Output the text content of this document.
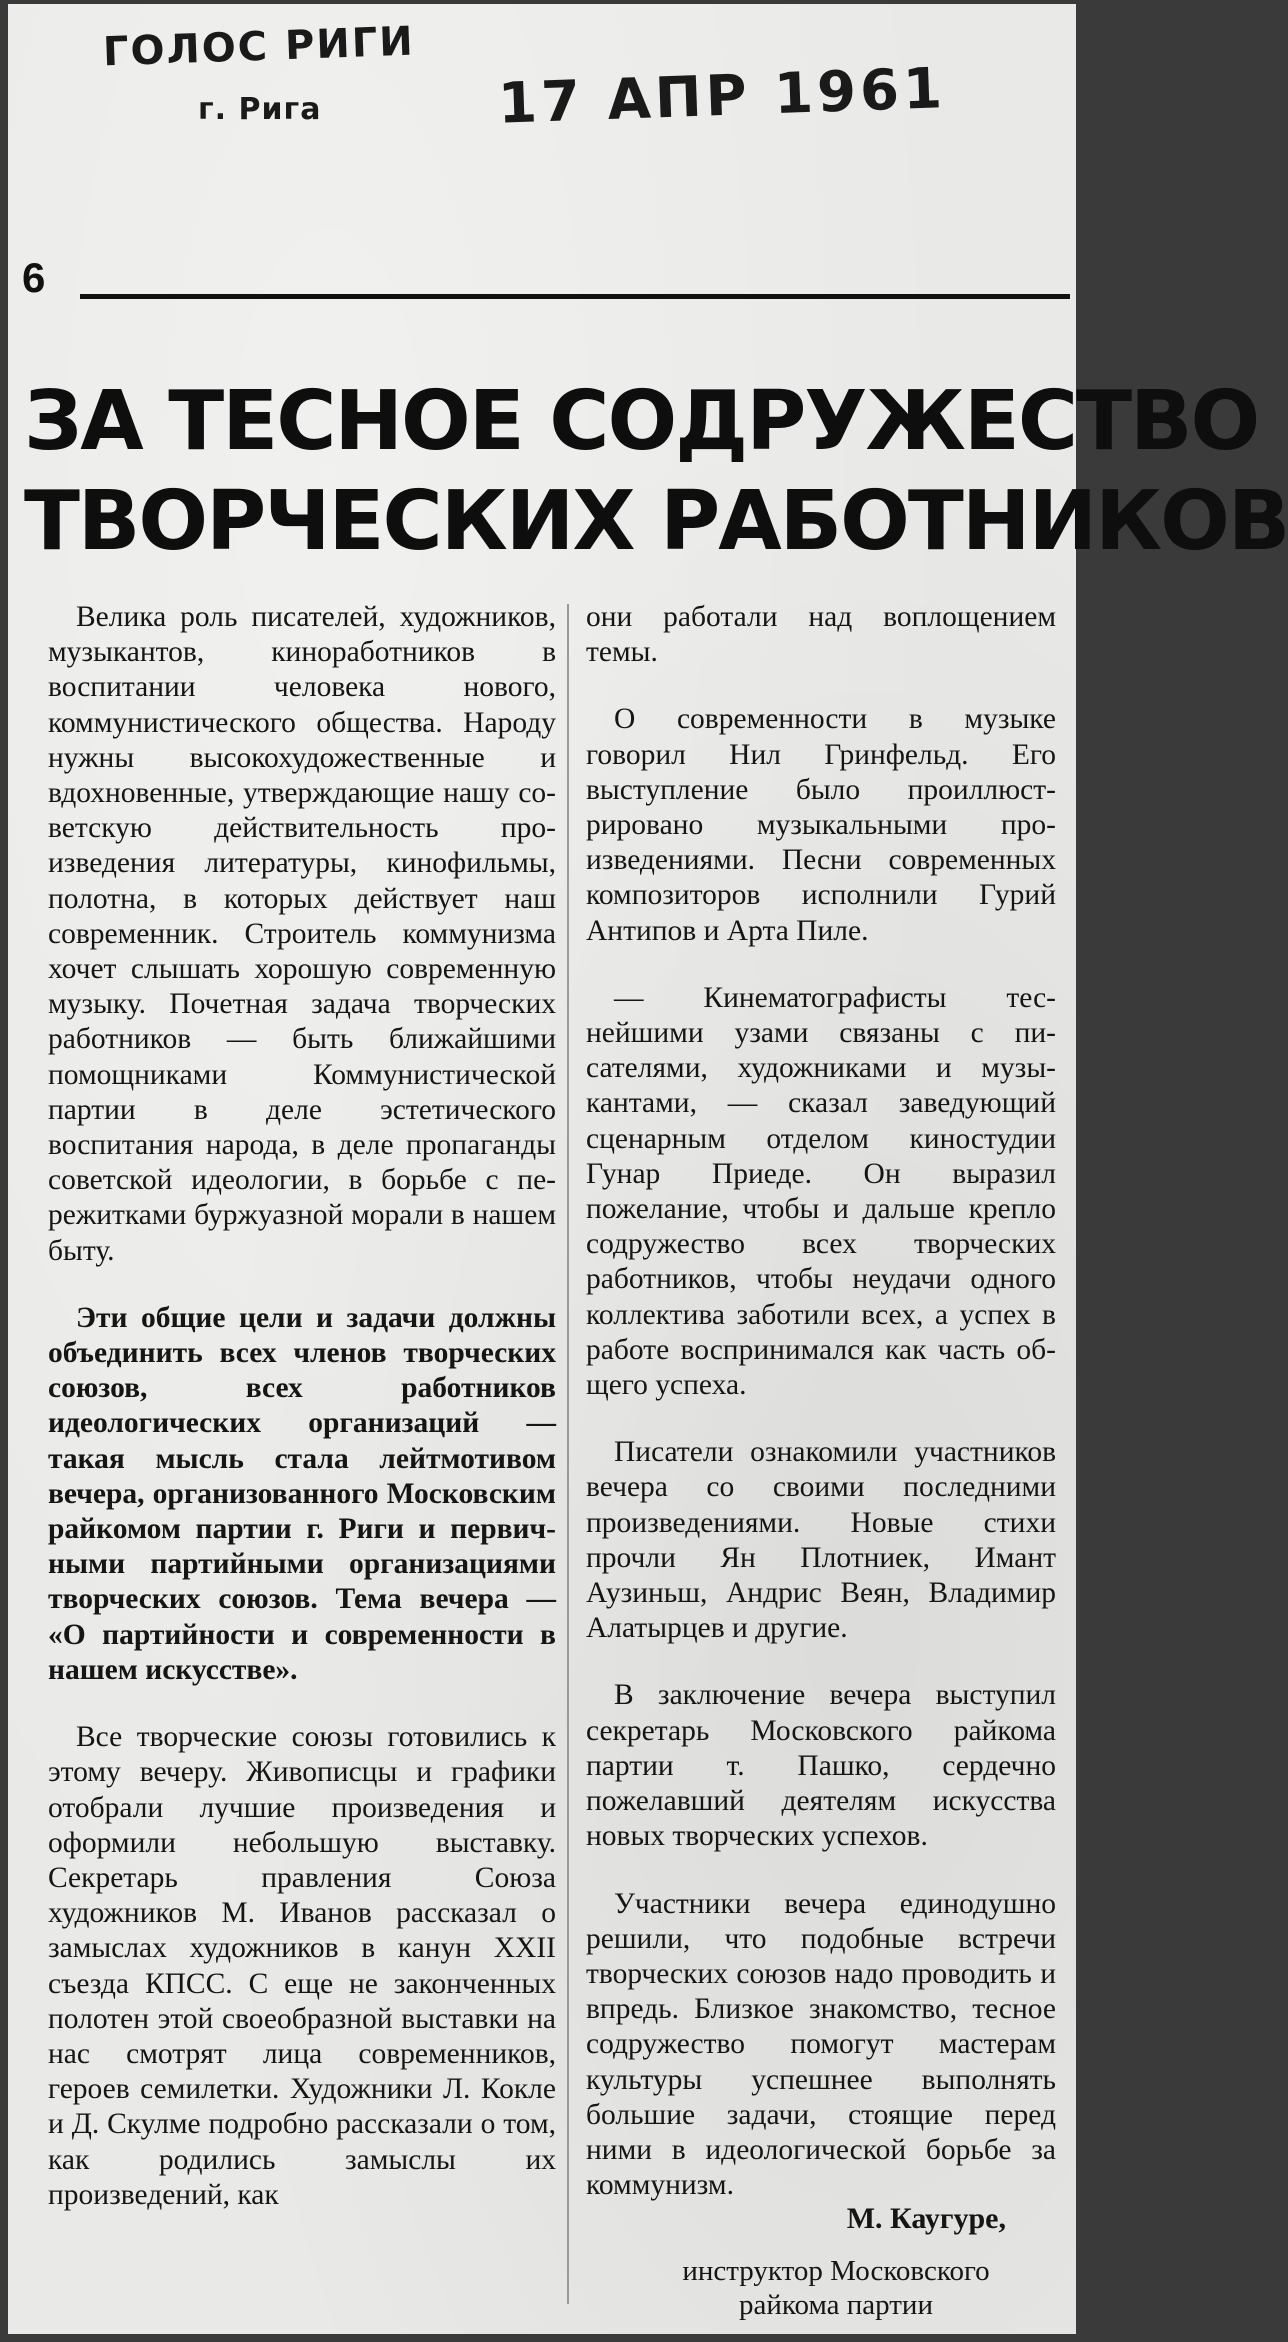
ГОЛОС РИГИ
г. Рига	17 АПР 1961
6
ЗА ТЕСНОЕ СОДРУЖЕСТВО
ТВОРЧЕСКИХ РАБОТНИКОВ

Велика роль писателей, художников, музыкантов, киноработников в воспитании человека нового, коммунистического общества. Народу нужны высокохудожественные и вдохновенные, утверждающие нашу советскую действительность произведения литературы, кинофильмы, полотна, в которых действует наш современник. Строитель коммунизма хочет слышать хорошую современную музыку. Почетная задача творческих работников — быть ближайшими помощниками Коммунистической партии в деле эстетического воспитания народа, в деле пропаганды советской идеологии, в борьбе с пережитками буржуазной морали в нашем быту.

Эти общие цели и задачи должны объединить всех членов творческих союзов, всех работников идеологических организаций — такая мысль стала лейтмотивом вечера, организованного Московским райкомом партии г. Риги и первичными партийными организациями творческих союзов. Тема вечера — «О партийности и современности в нашем искусстве».

Все творческие союзы готовились к этому вечеру. Живописцы и графики отобрали лучшие произведения и оформили небольшую выставку. Секретарь правления Союза художников М. Иванов рассказал о замыслах художников в канун XXII съезда КПСС. С еще не законченных полотен этой своеобразной выставки на нас смотрят лица современников, героев семилетки. Художники Л. Кокле и Д. Скулме подробно рассказали о том, как родились замыслы их произведений, как

они работали над воплощением темы.

О современности в музыке говорил Нил Гринфельд. Его выступление было проиллюстрировано музыкальными произведениями. Песни современных композиторов исполнили Гурий Антипов и Арта Пиле.

— Кинематографисты теснейшими узами связаны с писателями, художниками и музыкантами, — сказал заведующий сценарным отделом киностудии Гунар Приеде. Он выразил пожелание, чтобы и дальше крепло содружество всех творческих работников, чтобы неудачи одного коллектива заботили всех, а успех в работе воспринимался как часть общего успеха.

Писатели ознакомили участников вечера со своими последними произведениями. Новые стихи прочли Ян Плотниек, Имант Аузиньш, Андрис Веян, Владимир Алатырцев и другие.

В заключение вечера выступил секретарь Московского райкома партии т. Пашко, сердечно пожелавший деятелям искусства новых творческих успехов.

Участники вечера единодушно решили, что подобные встречи творческих союзов надо проводить и впредь. Близкое знакомство, тесное содружество помогут мастерам культуры успешнее выполнять большие задачи, стоящие перед ними в идеологической борьбе за коммунизм.

М. Каугуре,

инструктор Московского

райкома партии
